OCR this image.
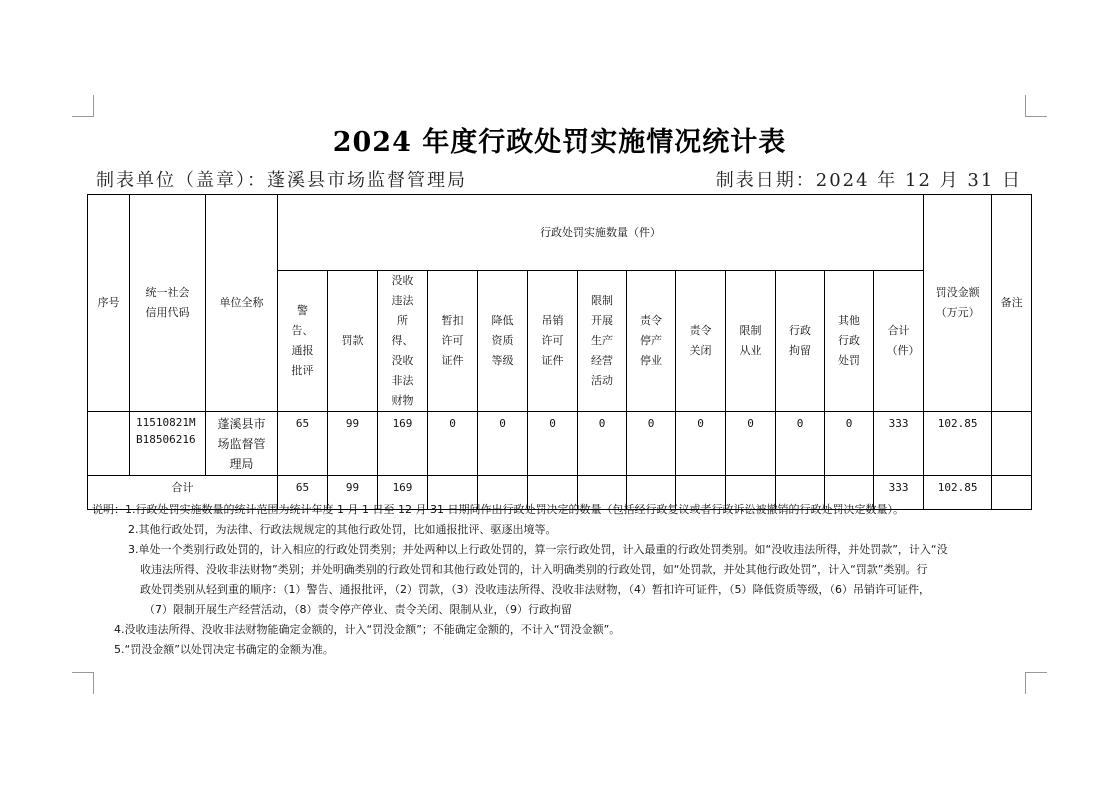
2024 年度行政处罚实施情况统计表
制表单位（盖章）：蓬溪县市场监督管理局	制表日期：2024 年 12 月 31 日
序号	统一社会信用代码	单位全称	行政处罚实施数量（件）													罚没金额（万元）	备注
			警告、通报批评	罚款	没收违法所得、没收非法财物	暂扣许可证件	降低资质等级	吊销许可证件	限制开展生产经营活动	责令停产停业	责令关闭	限制从业	行政拘留	其他行政处罚	合计（件）		
	11510821MB18506216	蓬溪县市场监督管理局	65	99	169	0	0	0	0	0	0	0	0	0	333	102.85	
合计			65	99	169										333	102.85	
说明：1.行政处罚实施数量的统计范围为统计年度 1 月 1 日至 12 月 31 日期间作出行政处罚决定的数量（包括经行政复议或者行政诉讼被撤销的行政处罚决定数量）。
2.其他行政处罚，为法律、行政法规规定的其他行政处罚，比如通报批评、驱逐出境等。
3.单处一个类别行政处罚的，计入相应的行政处罚类别；并处两种以上行政处罚的，算一宗行政处罚，计入最重的行政处罚类别。如“没收违法所得，并处罚款”，计入“没
收违法所得、没收非法财物”类别；并处明确类别的行政处罚和其他行政处罚的，计入明确类别的行政处罚，如“处罚款，并处其他行政处罚”，计入“罚款”类别。行
政处罚类别从轻到重的顺序：（1）警告、通报批评，（2）罚款，（3）没收违法所得、没收非法财物，（4）暂扣许可证件，（5）降低资质等级，（6）吊销许可证件，
（7）限制开展生产经营活动，（8）责令停产停业、责令关闭、限制从业，（9）行政拘留
4.没收违法所得、没收非法财物能确定金额的，计入“罚没金额”；不能确定金额的，不计入“罚没金额”。
5.“罚没金额”以处罚决定书确定的金额为准。
